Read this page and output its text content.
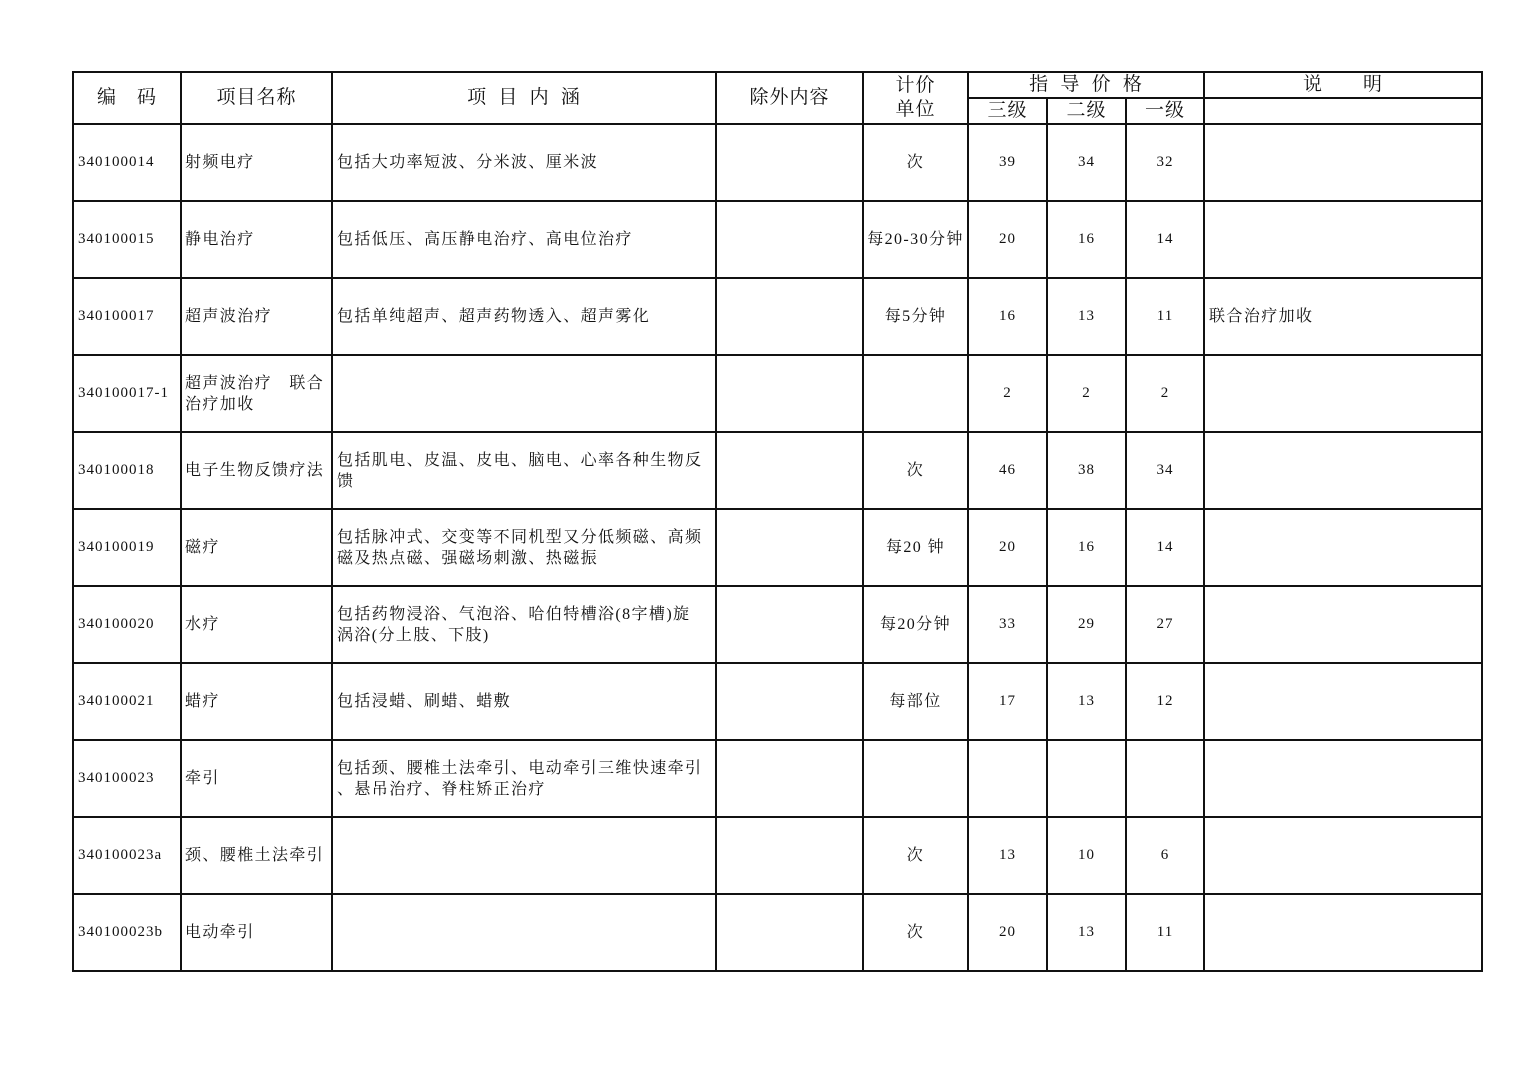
编　码	项目名称	项 目 内 涵	除外内容	计价
单位	指 导 价 格			说　　明
					三级	二级	一级	
340100014	射频电疗	包括大功率短波、分米波、厘米波		次	39	34	32	
340100015	静电治疗	包括低压、高压静电治疗、高电位治疗		每20-30分钟	20	16	14	
340100017	超声波治疗	包括单纯超声、超声药物透入、超声雾化		每5分钟	16	13	11	联合治疗加收
340100017-1	超声波治疗　联合治疗加收				2	2	2	
340100018	电子生物反馈疗法	包括肌电、皮温、皮电、脑电、心率各种生物反馈		次	46	38	34	
340100019	磁疗	包括脉冲式、交变等不同机型又分低频磁、高频磁及热点磁、强磁场刺激、热磁振		每20 钟	20	16	14	
340100020	水疗	包括药物浸浴、气泡浴、哈伯特槽浴(8字槽)旋涡浴(分上肢、下肢)		每20分钟	33	29	27	
340100021	蜡疗	包括浸蜡、刷蜡、蜡敷		每部位	17	13	12	
340100023	牵引	包括颈、腰椎土法牵引、电动牵引三维快速牵引、悬吊治疗、脊柱矫正治疗						
340100023a	颈、腰椎土法牵引			次	13	10	6	
340100023b	电动牵引			次	20	13	11	
